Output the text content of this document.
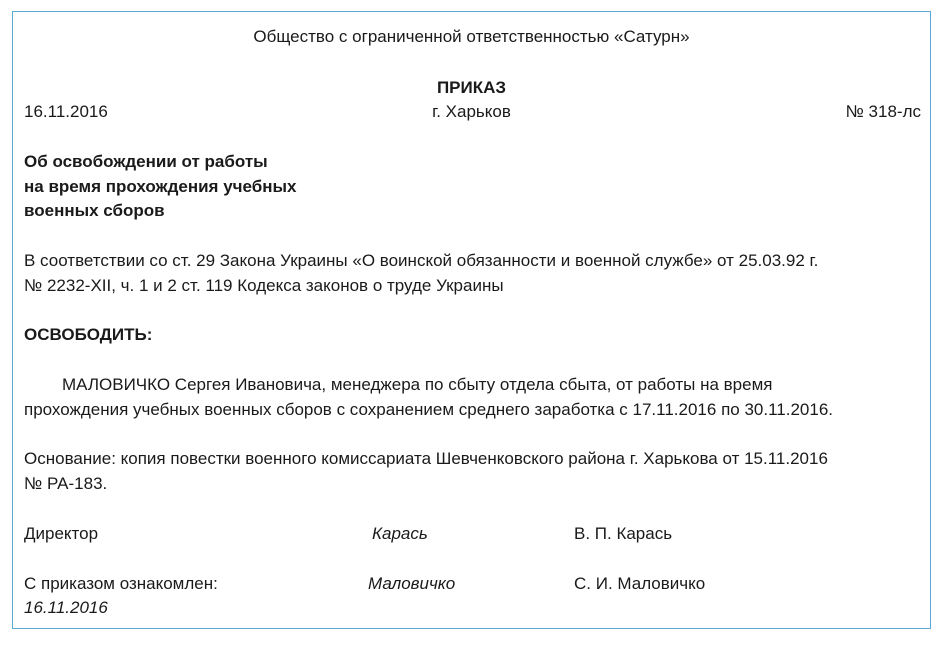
Общество с ограниченной ответственностью «Сатурн»
ПРИКАЗ
16.11.2016	г. Харьков	№ 318-лс
Об освобождении от работы
на время прохождения учебных
военных сборов
В соответствии со ст. 29 Закона Украины «О воинской обязанности и военной службе» от 25.03.92 г.
№ 2232-XII, ч. 1 и 2 ст. 119 Кодекса законов о труде Украины
ОСВОБОДИТЬ:
МАЛОВИЧКО Сергея Ивановича, менеджера по сбыту отдела сбыта, от работы на время
прохождения учебных военных сборов с сохранением среднего заработка с 17.11.2016 по 30.11.2016.
Основание: копия повестки военного комиссариата Шевченковского района г. Харькова от 15.11.2016
№ РА-183.
Директор	Карась	В. П. Карась
С приказом ознакомлен:	Маловичко	С. И. Маловичко
16.11.2016
